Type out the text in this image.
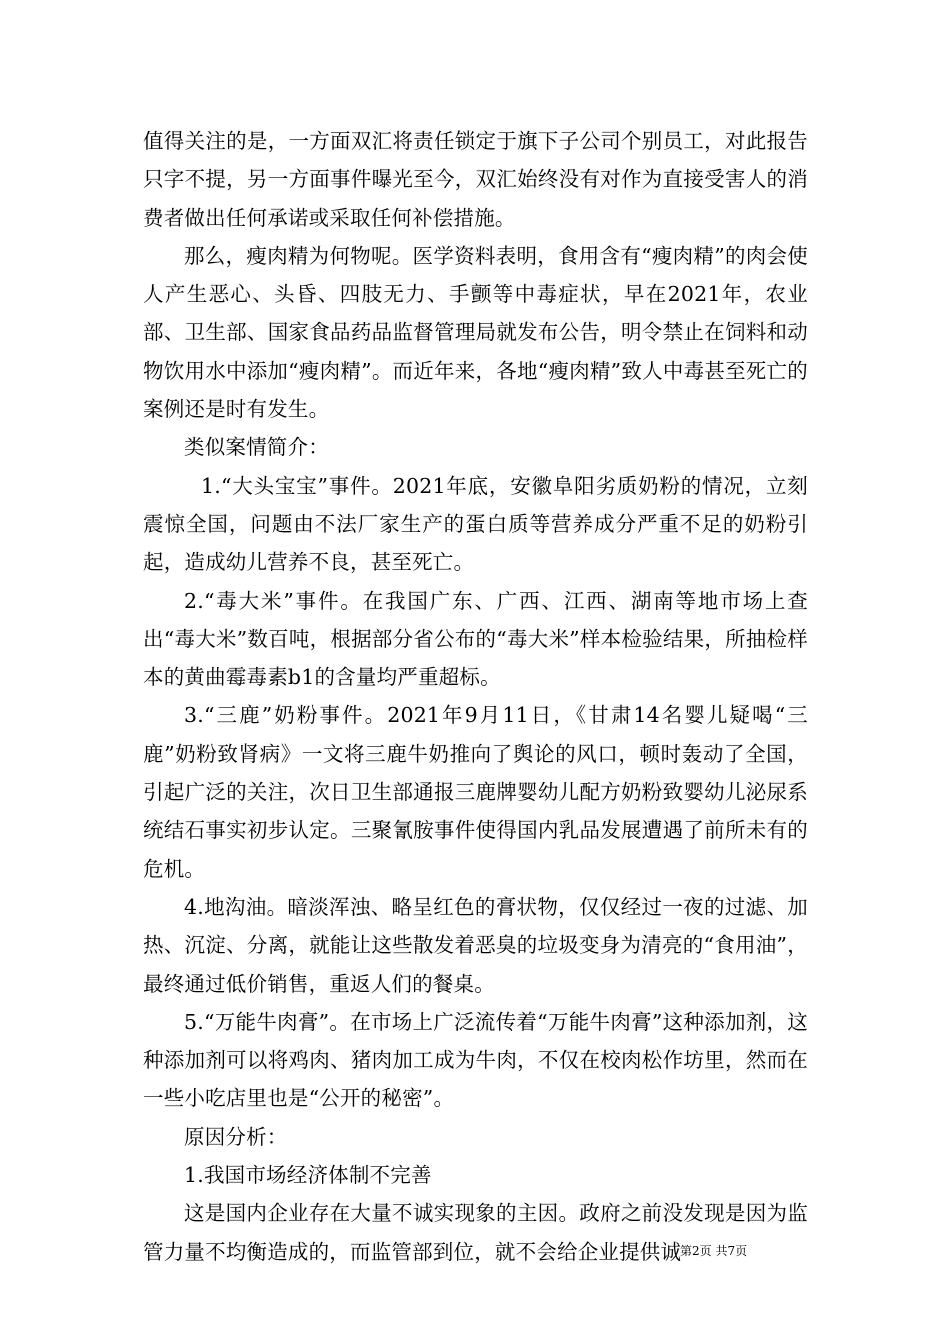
值得关注的是，一方面双汇将责任锁定于旗下子公司个别员工，对此报告只字不提，另一方面事件曝光至今，双汇始终没有对作为直接受害人的消费者做出任何承诺或采取任何补偿措施。

那么，瘦肉精为何物呢。医学资料表明，食用含有“瘦肉精”的肉会使人产生恶心、头昏、四肢无力、手颤等中毒症状，早在2021年，农业部、卫生部、国家食品药品监督管理局就发布公告，明令禁止在饲料和动物饮用水中添加“瘦肉精”。而近年来，各地“瘦肉精”致人中毒甚至死亡的案例还是时有发生。

类似案情简介：

1.“大头宝宝”事件。2021年底，安徽阜阳劣质奶粉的情况，立刻震惊全国，问题由不法厂家生产的蛋白质等营养成分严重不足的奶粉引起，造成幼儿营养不良，甚至死亡。

2.“毒大米”事件。在我国广东、广西、江西、湖南等地市场上查出“毒大米”数百吨，根据部分省公布的“毒大米”样本检验结果，所抽检样本的黄曲霉毒素b1的含量均严重超标。

3.“三鹿”奶粉事件。2021年9月11日，《甘肃14名婴儿疑喝“三鹿”奶粉致肾病》一文将三鹿牛奶推向了舆论的风口，顿时轰动了全国，引起广泛的关注，次日卫生部通报三鹿牌婴幼儿配方奶粉致婴幼儿泌尿系统结石事实初步认定。三聚氰胺事件使得国内乳品发展遭遇了前所未有的危机。

4.地沟油。暗淡浑浊、略呈红色的膏状物，仅仅经过一夜的过滤、加热、沉淀、分离，就能让这些散发着恶臭的垃圾变身为清亮的“食用油”，最终通过低价销售，重返人们的餐桌。

5.“万能牛肉膏”。在市场上广泛流传着“万能牛肉膏”这种添加剂，这种添加剂可以将鸡肉、猪肉加工成为牛肉，不仅在校肉松作坊里，然而在一些小吃店里也是“公开的秘密”。

原因分析：

1.我国市场经济体制不完善

这是国内企业存在大量不诚实现象的主因。政府之前没发现是因为监管力量不均衡造成的，而监管部到位，就不会给企业提供诚

第2页 共7页
